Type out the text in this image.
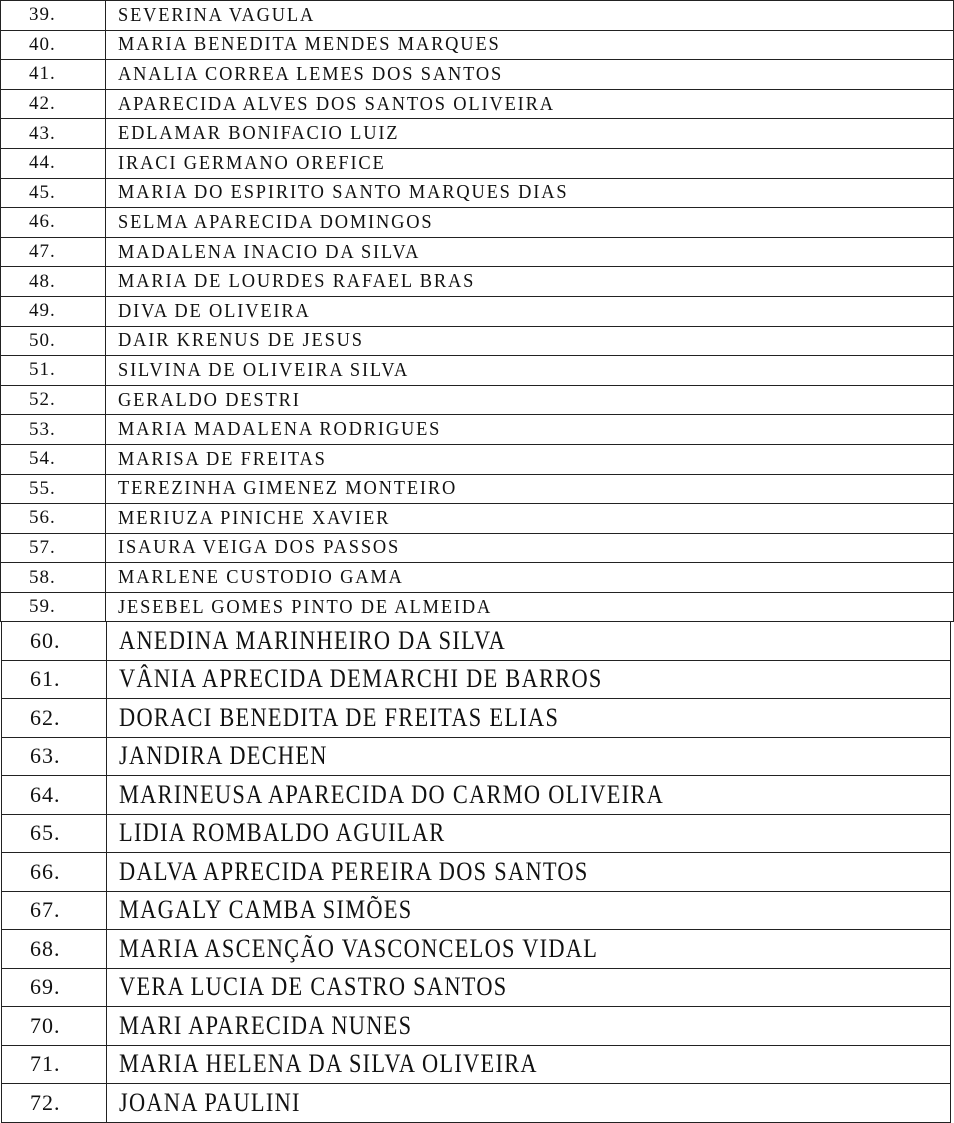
39.	SEVERINA VAGULA
40.	MARIA BENEDITA MENDES MARQUES
41.	ANALIA CORREA LEMES DOS SANTOS
42.	APARECIDA ALVES DOS SANTOS OLIVEIRA
43.	EDLAMAR BONIFACIO LUIZ
44.	IRACI GERMANO OREFICE
45.	MARIA DO ESPIRITO SANTO MARQUES DIAS
46.	SELMA APARECIDA DOMINGOS
47.	MADALENA INACIO DA SILVA
48.	MARIA DE LOURDES RAFAEL BRAS
49.	DIVA DE OLIVEIRA
50.	DAIR KRENUS DE JESUS
51.	SILVINA DE OLIVEIRA SILVA
52.	GERALDO DESTRI
53.	MARIA MADALENA RODRIGUES
54.	MARISA DE FREITAS
55.	TEREZINHA GIMENEZ MONTEIRO
56.	MERIUZA PINICHE XAVIER
57.	ISAURA VEIGA DOS PASSOS
58.	MARLENE CUSTODIO GAMA
59.	JESEBEL GOMES PINTO DE ALMEIDA
60.	ANEDINA MARINHEIRO DA SILVA
61.	VÂNIA APRECIDA DEMARCHI DE BARROS
62.	DORACI BENEDITA DE FREITAS ELIAS
63.	JANDIRA DECHEN
64.	MARINEUSA APARECIDA DO CARMO OLIVEIRA
65.	LIDIA ROMBALDO AGUILAR
66.	DALVA APRECIDA PEREIRA DOS SANTOS
67.	MAGALY CAMBA SIMÕES
68.	MARIA ASCENÇÃO VASCONCELOS VIDAL
69.	VERA LUCIA DE CASTRO SANTOS
70.	MARI APARECIDA NUNES
71.	MARIA HELENA DA SILVA OLIVEIRA
72.	JOANA PAULINI
